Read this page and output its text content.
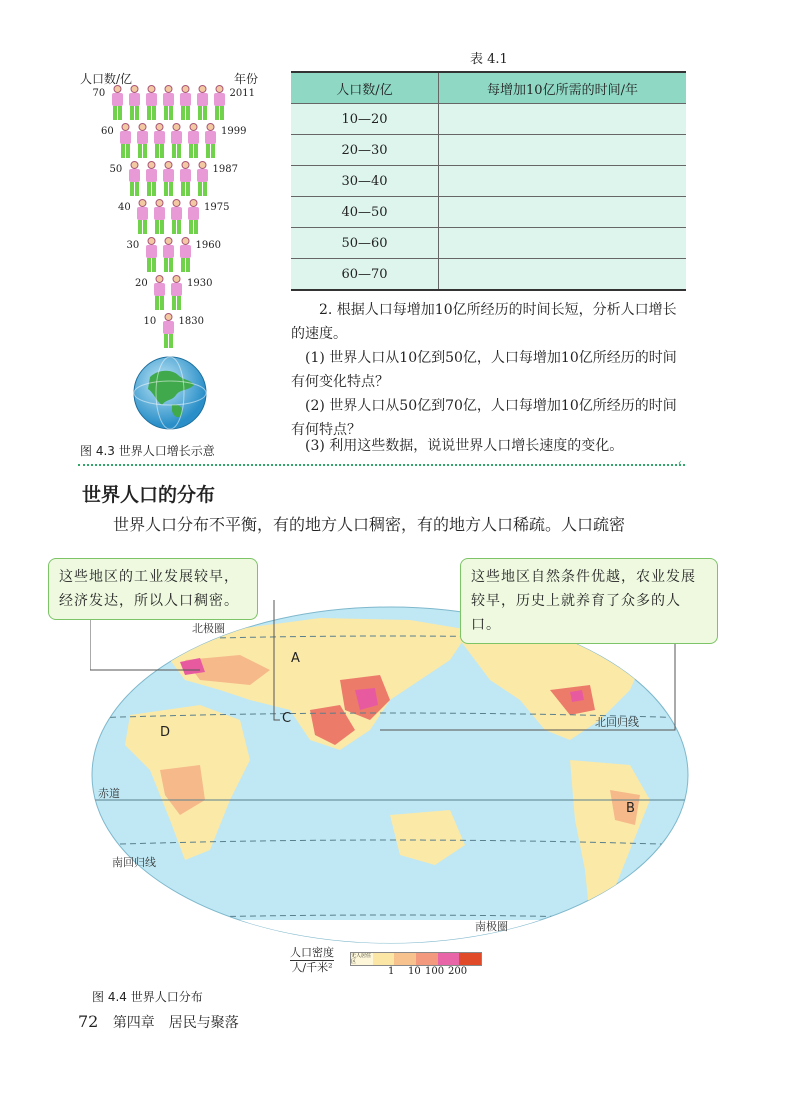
人口数/亿	年份
70	2011
60	1999
50	1987
40	1975
30	1960
20	1930
10 1830
图 4.3 世界人口增长示意
表 4.1
人口数/亿	每增加10亿所需的时间/年
10—20	
20—30	
30—40	
40—50	
50—60	
60—70	
2. 根据人口每增加10亿所经历的时间长短，分析人口增长的速度。
(1) 世界人口从10亿到50亿，人口每增加10亿所经历的时间有何变化特点？
(2) 世界人口从50亿到70亿，人口每增加10亿所经历的时间有何特点？
(3) 利用这些数据，说说世界人口增长速度的变化。
‹
世界人口的分布
世界人口分布不平衡，有的地方人口稠密，有的地方人口稀疏。人口疏密
北极圈
北回归线
赤道
南回归线
南极圈
A
B
C
D
这些地区的工业发展较早，经济发达，所以人口稠密。
这些地区自然条件优越，农业发展较早，历史上就养育了众多的人口。
人口密度
人/千米²
无人居住区
1 10 100 200
图 4.4 世界人口分布
72 第四章　居民与聚落
